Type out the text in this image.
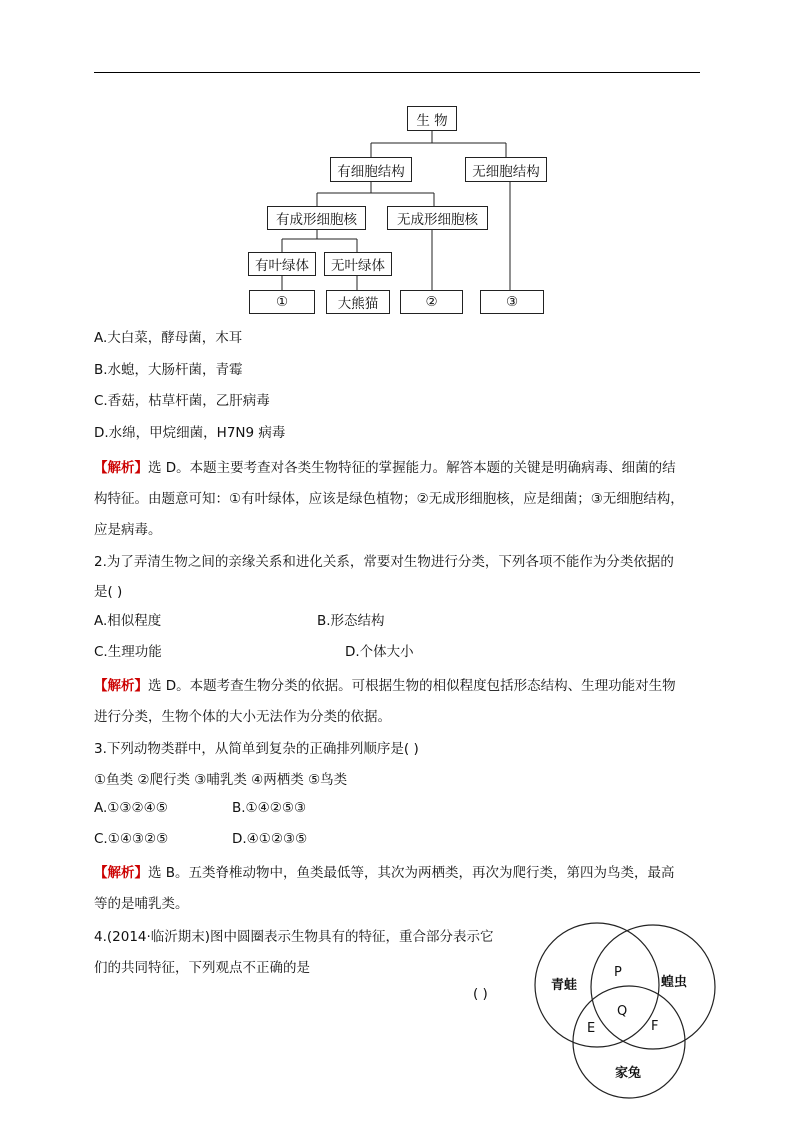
生 物
有细胞结构	无细胞结构
有成形细胞核	无成形细胞核
有叶绿体	无叶绿体
①	大熊猫	②	③
A.大白菜，酵母菌，木耳
B.水螅，大肠杆菌，青霉
C.香菇，枯草杆菌，乙肝病毒
D.水绵，甲烷细菌，H7N9 病毒
【解析】选 D。本题主要考查对各类生物特征的掌握能力。解答本题的关键是明确病毒、细菌的结
构特征。由题意可知：①有叶绿体，应该是绿色植物；②无成形细胞核，应是细菌；③无细胞结构，
应是病毒。
2.为了弄清生物之间的亲缘关系和进化关系，常要对生物进行分类，下列各项不能作为分类依据的
是( )
A.相似程度	B.形态结构
C.生理功能	D.个体大小
【解析】选 D。本题考查生物分类的依据。可根据生物的相似程度包括形态结构、生理功能对生物
进行分类，生物个体的大小无法作为分类的依据。
3.下列动物类群中，从简单到复杂的正确排列顺序是( )
①鱼类 ②爬行类 ③哺乳类 ④两栖类 ⑤鸟类
A.①③②④⑤	B.①④②⑤③
C.①④③②⑤	D.④①②③⑤
【解析】选 B。五类脊椎动物中，鱼类最低等，其次为两栖类，再次为爬行类，第四为鸟类，最高
等的是哺乳类。
4.(2014·临沂期末)图中圆圈表示生物具有的特征，重合部分表示它
们的共同特征，下列观点不正确的是
( )
青蛙	蝗虫
家兔
P
Q
E	F
